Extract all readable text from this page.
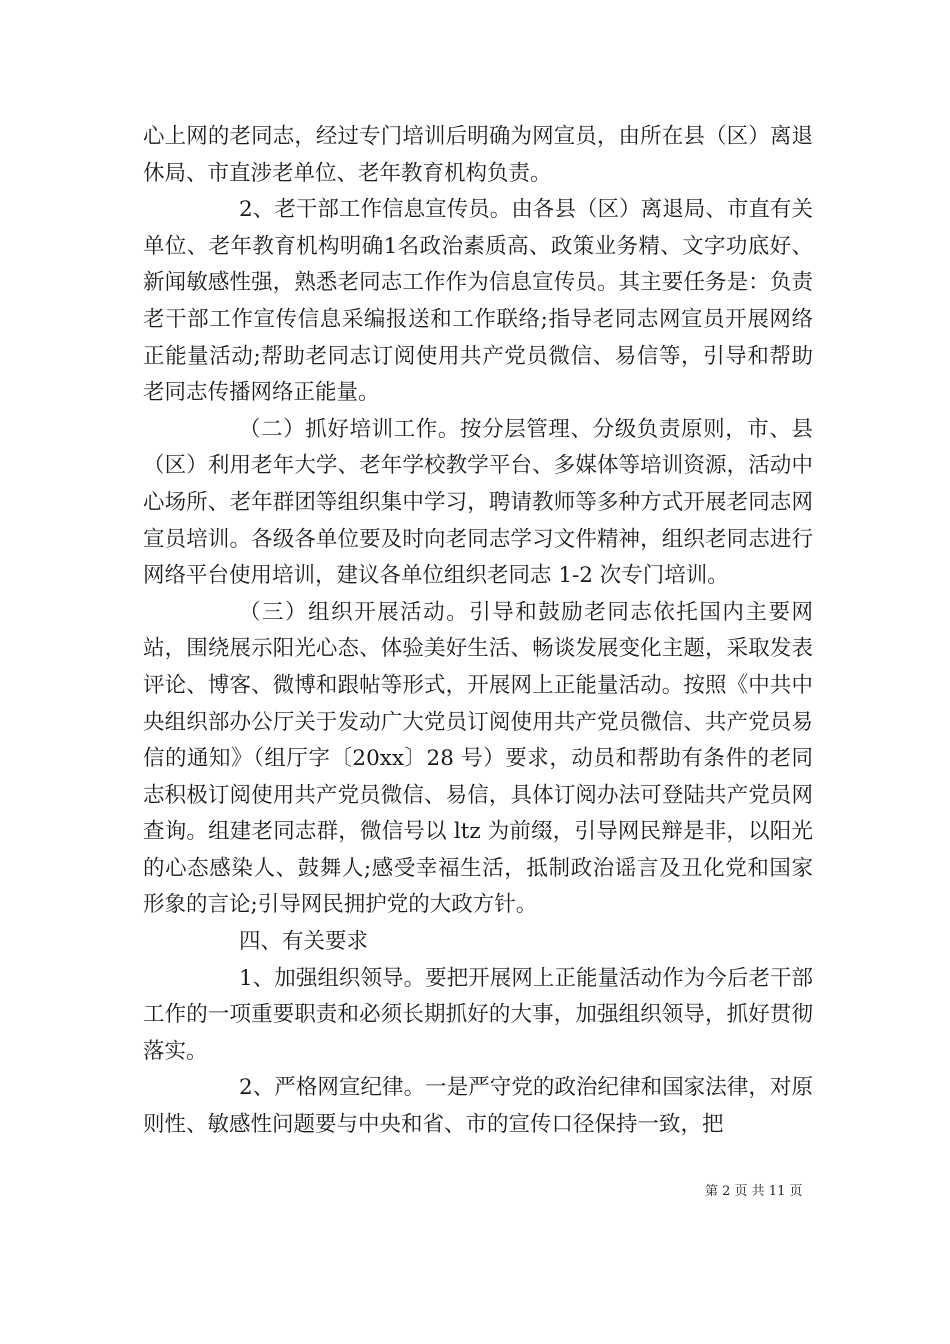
心上网的老同志，经过专门培训后明确为网宣员，由所在县（区）离退休局、市直涉老单位、老年教育机构负责。

2、老干部工作信息宣传员。由各县（区）离退局、市直有关单位、老年教育机构明确1名政治素质高、政策业务精、文字功底好、新闻敏感性强，熟悉老同志工作作为信息宣传员。其主要任务是：负责老干部工作宣传信息采编报送和工作联络;指导老同志网宣员开展网络正能量活动;帮助老同志订阅使用共产党员微信、易信等，引导和帮助老同志传播网络正能量。

（二）抓好培训工作。按分层管理、分级负责原则，市、县（区）利用老年大学、老年学校教学平台、多媒体等培训资源，活动中心场所、老年群团等组织集中学习，聘请教师等多种方式开展老同志网宣员培训。各级各单位要及时向老同志学习文件精神，组织老同志进行网络平台使用培训，建议各单位组织老同志 1-2 次专门培训。

（三）组织开展活动。引导和鼓励老同志依托国内主要网站，围绕展示阳光心态、体验美好生活、畅谈发展变化主题，采取发表评论、博客、微博和跟帖等形式，开展网上正能量活动。按照《中共中央组织部办公厅关于发动广大党员订阅使用共产党员微信、共产党员易信的通知》（组厅字〔20xx〕28 号）要求，动员和帮助有条件的老同志积极订阅使用共产党员微信、易信，具体订阅办法可登陆共产党员网查询。组建老同志群，微信号以 ltz 为前缀，引导网民辩是非，以阳光的心态感染人、鼓舞人;感受幸福生活，抵制政治谣言及丑化党和国家形象的言论;引导网民拥护党的大政方针。

四、有关要求

1、加强组织领导。要把开展网上正能量活动作为今后老干部工作的一项重要职责和必须长期抓好的大事，加强组织领导，抓好贯彻落实。

2、严格网宣纪律。一是严守党的政治纪律和国家法律，对原则性、敏感性问题要与中央和省、市的宣传口径保持一致，把

第 2 页 共 11 页
